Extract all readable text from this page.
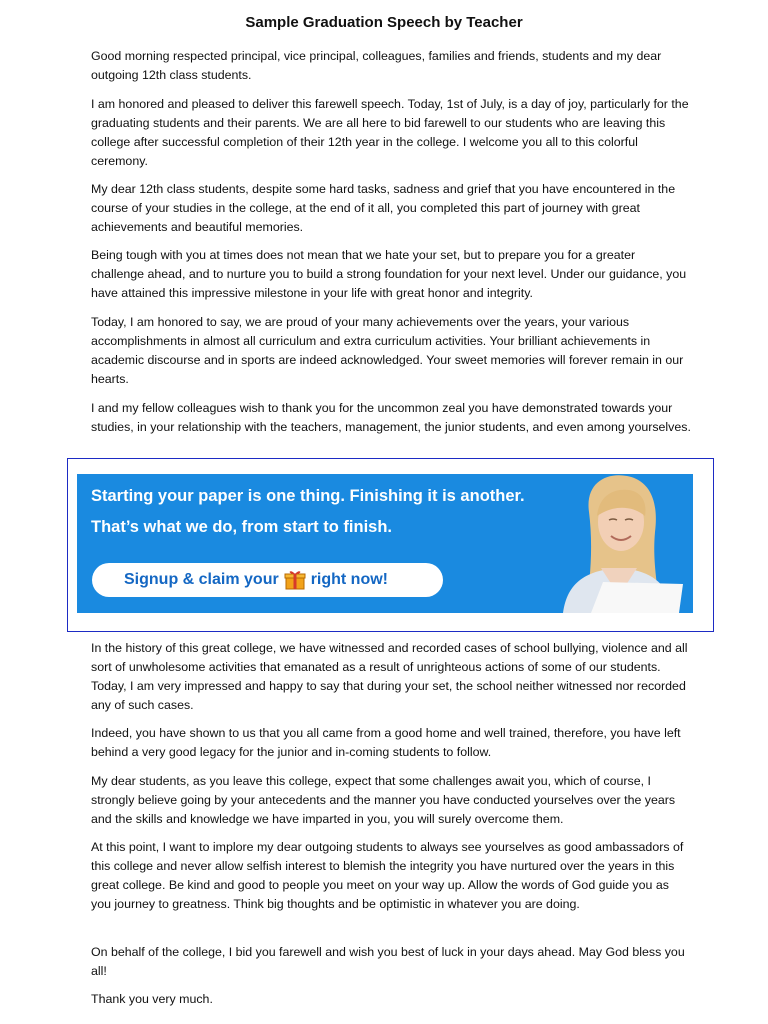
Sample Graduation Speech by Teacher
Good morning respected principal, vice principal, colleagues, families and friends, students and my dear outgoing 12th class students.
I am honored and pleased to deliver this farewell speech. Today, 1st of July, is a day of joy, particularly for the graduating students and their parents. We are all here to bid farewell to our students who are leaving this college after successful completion of their 12th year in the college. I welcome you all to this colorful ceremony.
My dear 12th class students, despite some hard tasks, sadness and grief that you have encountered in the course of your studies in the college, at the end of it all, you completed this part of journey with great achievements and beautiful memories.
Being tough with you at times does not mean that we hate your set, but to prepare you for a greater challenge ahead, and to nurture you to build a strong foundation for your next level. Under our guidance, you have attained this impressive milestone in your life with great honor and integrity.
Today, I am honored to say, we are proud of your many achievements over the years, your various accomplishments in almost all curriculum and extra curriculum activities. Your brilliant achievements in academic discourse and in sports are indeed acknowledged. Your sweet memories will forever remain in our hearts.
I and my fellow colleagues wish to thank you for the uncommon zeal you have demonstrated towards your studies, in your relationship with the teachers, management, the junior students, and even among yourselves.
Starting your paper is one thing. Finishing it is another.
That’s what we do, from start to finish.
Signup & claim your right now!
In the history of this great college, we have witnessed and recorded cases of school bullying, violence and all sort of unwholesome activities that emanated as a result of unrighteous actions of some of our students. Today, I am very impressed and happy to say that during your set, the school neither witnessed nor recorded any of such cases.
Indeed, you have shown to us that you all came from a good home and well trained, therefore, you have left behind a very good legacy for the junior and in-coming students to follow.
My dear students, as you leave this college, expect that some challenges await you, which of course, I strongly believe going by your antecedents and the manner you have conducted yourselves over the years and the skills and knowledge we have imparted in you, you will surely overcome them.
At this point, I want to implore my dear outgoing students to always see yourselves as good ambassadors of this college and never allow selfish interest to blemish the integrity you have nurtured over the years in this great college. Be kind and good to people you meet on your way up. Allow the words of God guide you as you journey to greatness. Think big thoughts and be optimistic in whatever you are doing.
On behalf of the college, I bid you farewell and wish you best of luck in your days ahead. May God bless you all!
Thank you very much.
